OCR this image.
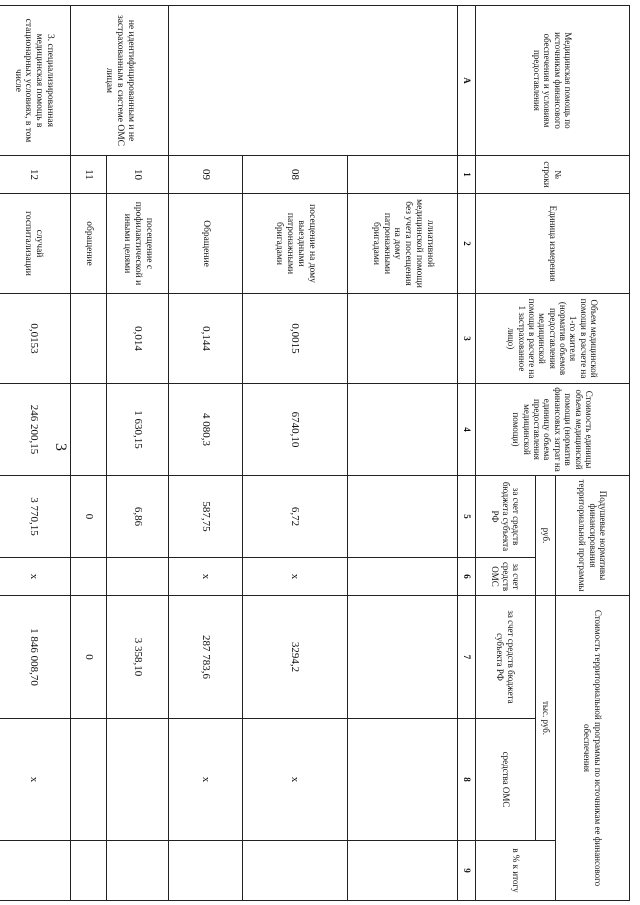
3
Медицинская помощь по источникам финансового обеспечения и условиям предоставления	№ строки	Единица измерения	Объем медицинской помощи в расчете на 1-го жителя (норматив объемов предоставления медицинской помощи в расчете на 1 застрахованное лицо)	Стоимость единицы объема медицинской помощи (норматив финансовых затрат на единицу объема предоставления медицинской помощи)	Подушевые нормативы финансирования территориальной программы		Стоимость территориальной программы по источникам ее финансового обеспечения		
					руб.		тыс. руб.		в % к итогу
					за счет средств бюджета субъекта РФ	за счет средств ОМС	за счет средств бюджета субъекта РФ	средства ОМС	
А	1	2	3	4	5	6	7	8	9
		ллиативной медицинской помощи без учета посещения на дому патронажными бригадами							
	08	посещение на дому выездными патронажными бригадами	0,0015	6740,10	6,72	х	3294,2	х	
	09	Обращение	0,144	4 080,3	587,75	х	287 783,6	х	
не идентифицированным и не застрахованным в системе ОМС лицам	10	посещение с профилактической и иными целями	0,014	1 630,15	6,86		3 358,10		
	11	обращение			0		0		
3. специализированная медицинская помощь в стационарных условиях, в том числе	12	случай госпитализации	0,0153	246 200,15	3 770,15	х	1 846 008,70	х	
